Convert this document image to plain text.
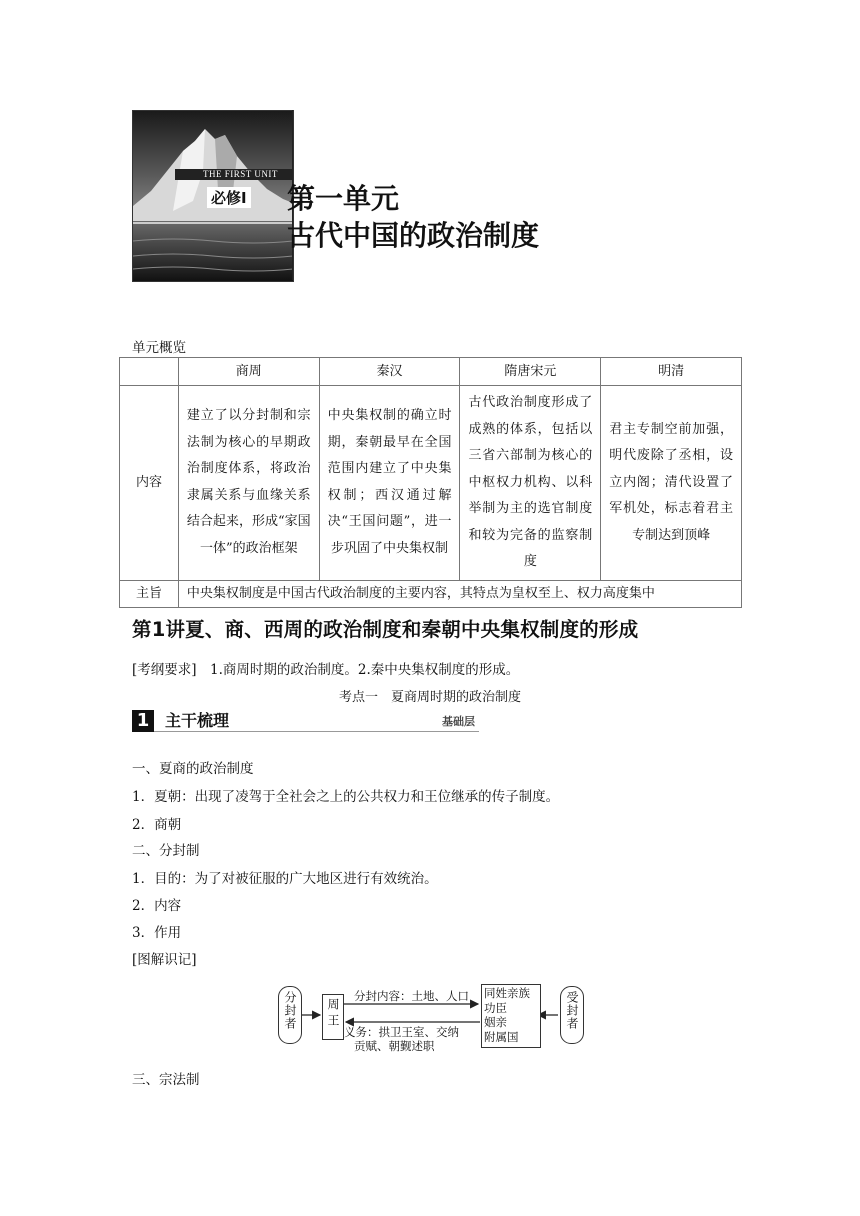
THE FIRST UNIT
必修Ⅰ 第一单元
古代中国的政治制度
单元概览
	商周	秦汉	隋唐宋元	明清
内容	建立了以分封制和宗法制为核心的早期政治制度体系，将政治隶属关系与血缘关系结合起来，形成“家国一体”的政治框架	中央集权制的确立时期，秦朝最早在全国范围内建立了中央集权制；西汉通过解决“王国问题”，进一步巩固了中央集权制	古代政治制度形成了成熟的体系，包括以三省六部制为核心的中枢权力机构、以科举制为主的选官制度和较为完备的监察制度	君主专制空前加强，明代废除了丞相，设立内阁；清代设置了军机处，标志着君主专制达到顶峰
主旨	中央集权制度是中国古代政治制度的主要内容，其特点为皇权至上、权力高度集中			
第1讲夏、商、西周的政治制度和秦朝中央集权制度的形成
[考纲要求]　1.商周时期的政治制度。2.秦中央集权制度的形成。
考点一　夏商周时期的政治制度
1 主干梳理	基础层
一、夏商的政治制度
1．夏朝：出现了凌驾于全社会之上的公共权力和王位继承的传子制度。
2．商朝
二、分封制
1．目的：为了对被征服的广大地区进行有效统治。
2．内容
3．作用
[图解识记]
分封者 周王
分封内容：土地、人口
义务：拱卫王室、交纳
贡赋、朝觐述职
同姓亲族
功臣
姻亲
附属国
受封者
三、宗法制
